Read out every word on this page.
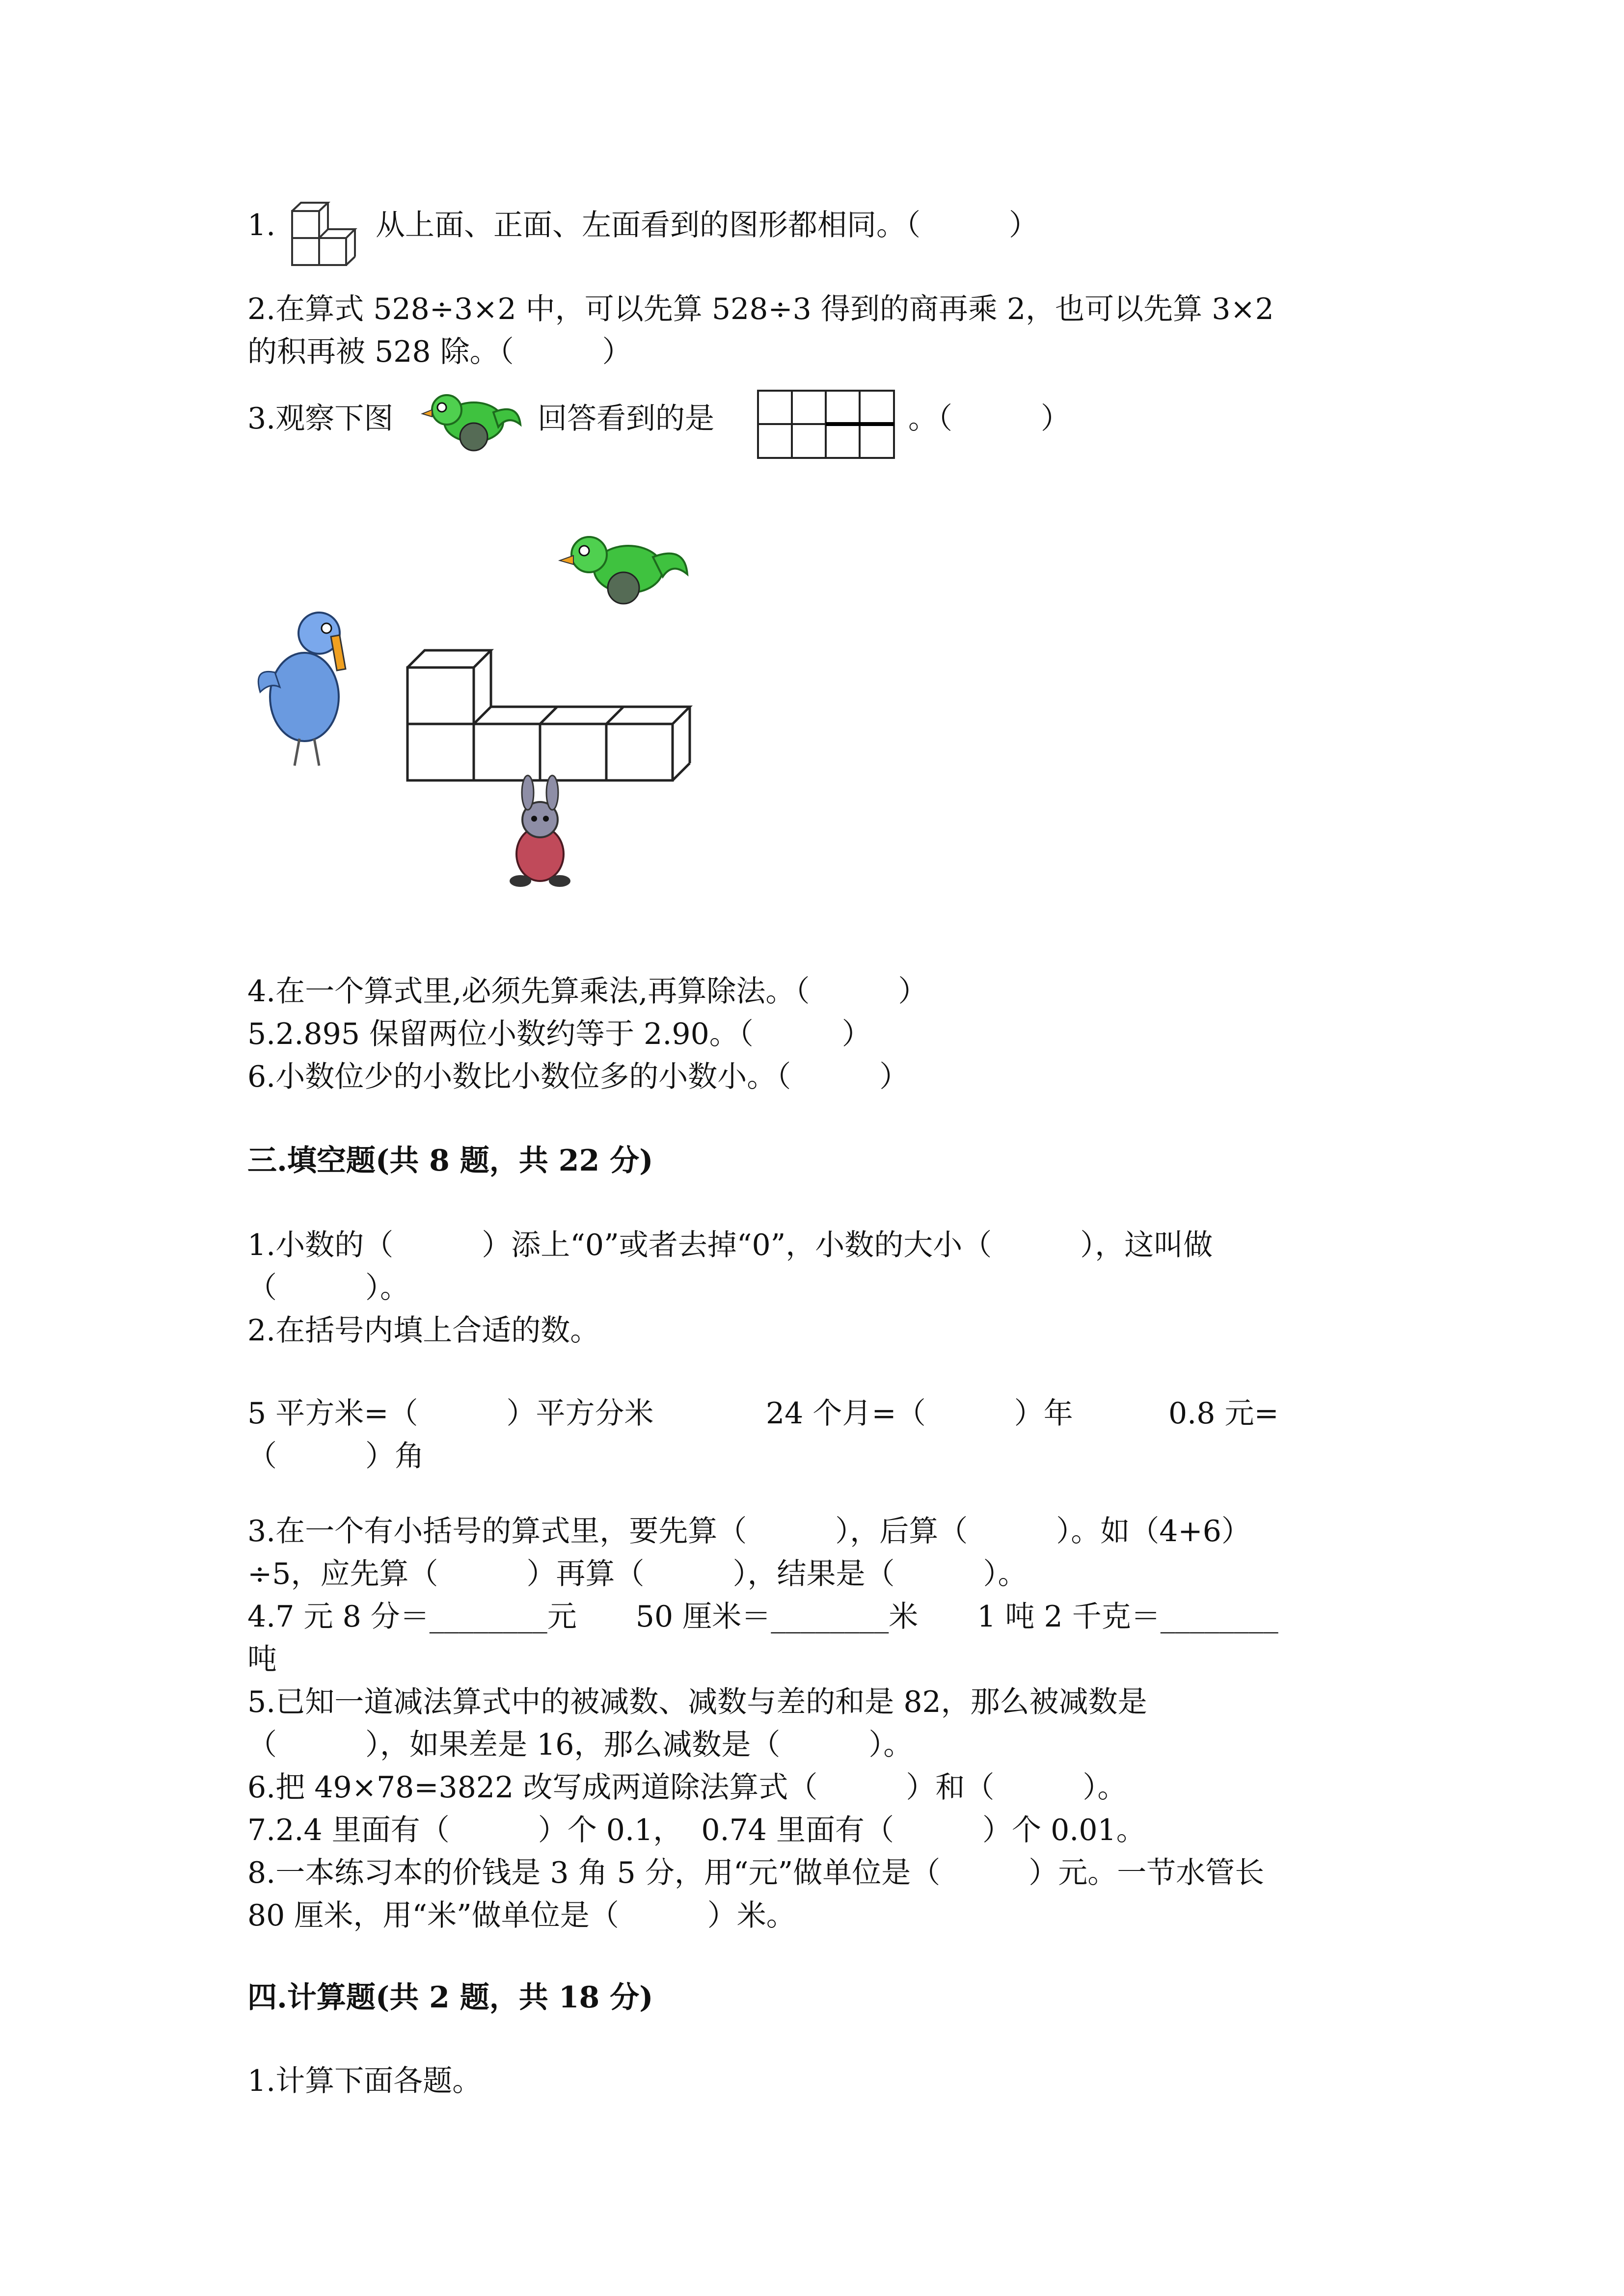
1.	从上面、正面、左面看到的图形都相同。（　　　）
2.在算式 528÷3×2 中，可以先算 528÷3 得到的商再乘 2，也可以先算 3×2
的积再被 528 除。（　　　）
3.观察下图	回答看到的是	。（　　　）
4.在一个算式里,必须先算乘法,再算除法。（　　　）
5.2.895 保留两位小数约等于 2.90。（　　　）
6.小数位少的小数比小数位多的小数小。（　　　）
三.填空题(共 8 题，共 22 分)
1.小数的（　　　）添上“0”或者去掉“0”，小数的大小（　　　），这叫做
（　　　）。
2.在括号内填上合适的数。
5 平方米=（　　　）平方分米	24 个月=（　　　）年	0.8 元=
（　　　）角
3.在一个有小括号的算式里，要先算（　　　），后算（　　　）。如（4+6）
÷5，应先算（　　　）再算（　　　），结果是（　　　）。
4.7 元 8 分＝________元　　50 厘米＝________米　　1 吨 2 千克＝________
吨
5.已知一道减法算式中的被减数、减数与差的和是 82，那么被减数是
（　　　），如果差是 16，那么减数是（　　　）。
6.把 49×78=3822 改写成两道除法算式（　　　）和（　　　）。
7.2.4 里面有（　　　）个 0.1，  0.74 里面有（　　　）个 0.01。
8.一本练习本的价钱是 3 角 5 分，用“元”做单位是（　　　）元。一节水管长
80 厘米，用“米”做单位是（　　　）米。
四.计算题(共 2 题，共 18 分)
1.计算下面各题。
